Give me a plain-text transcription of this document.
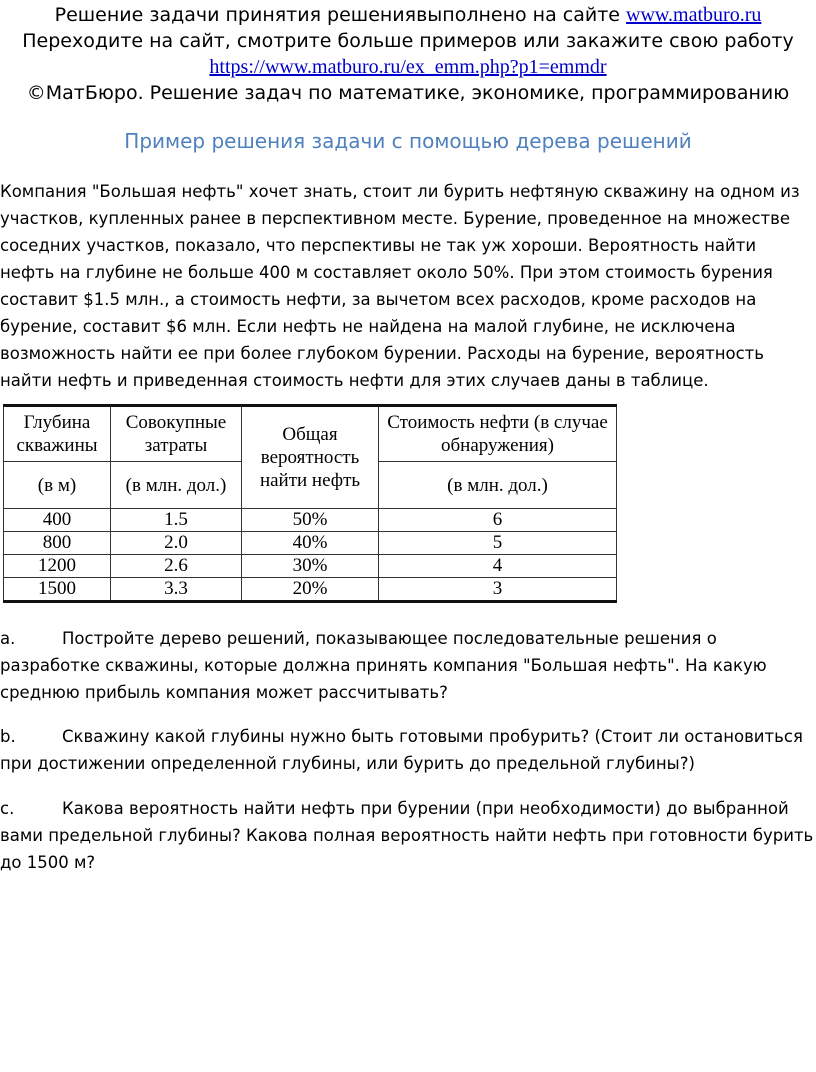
Решение задачи принятия решениявыполнено на сайте www.matburo.ru
Переходите на сайт, смотрите больше примеров или закажите свою работу
https://www.matburo.ru/ex_emm.php?p1=emmdr
©МатБюро. Решение задач по математике, экономике, программированию
Пример решения задачи с помощью дерева решений

Компания "Большая нефть" хочет знать, стоит ли бурить нефтяную скважину на одном из участков, купленных ранее в перспективном месте. Бурение, проведенное на множестве соседних участков, показало, что перспективы не так уж хороши. Вероятность найти нефть на глубине не больше 400 м составляет около 50%. При этом стоимость бурения составит $1.5 млн., а стоимость нефти, за вычетом всех расходов, кроме расходов на бурение, составит $6 млн. Если нефть не найдена на малой глубине, не исключена возможность найти ее при более глубоком бурении. Расходы на бурение, вероятность найти нефть и приведенная стоимость нефти для этих случаев даны в таблице.

Глубина скважины	Совокупные затраты	Общая вероятность найти нефть	Стоимость нефти (в случае обнаружения)
(в м)	(в млн. дол.)		(в млн. дол.)
400	1.5	50%	6
800	2.0	40%	5
1200	2.6	30%	4
1500	3.3	20%	3

a.	Постройте дерево решений, показывающее последовательные решения о разработке скважины, которые должна принять компания "Большая нефть". На какую среднюю прибыль компания может рассчитывать?

b.	Скважину какой глубины нужно быть готовыми пробурить? (Стоит ли остановиться при достижении определенной глубины, или бурить до предельной глубины?)

c.	Какова вероятность найти нефть при бурении (при необходимости) до выбранной вами предельной глубины? Какова полная вероятность найти нефть при готовности бурить до 1500 м?
